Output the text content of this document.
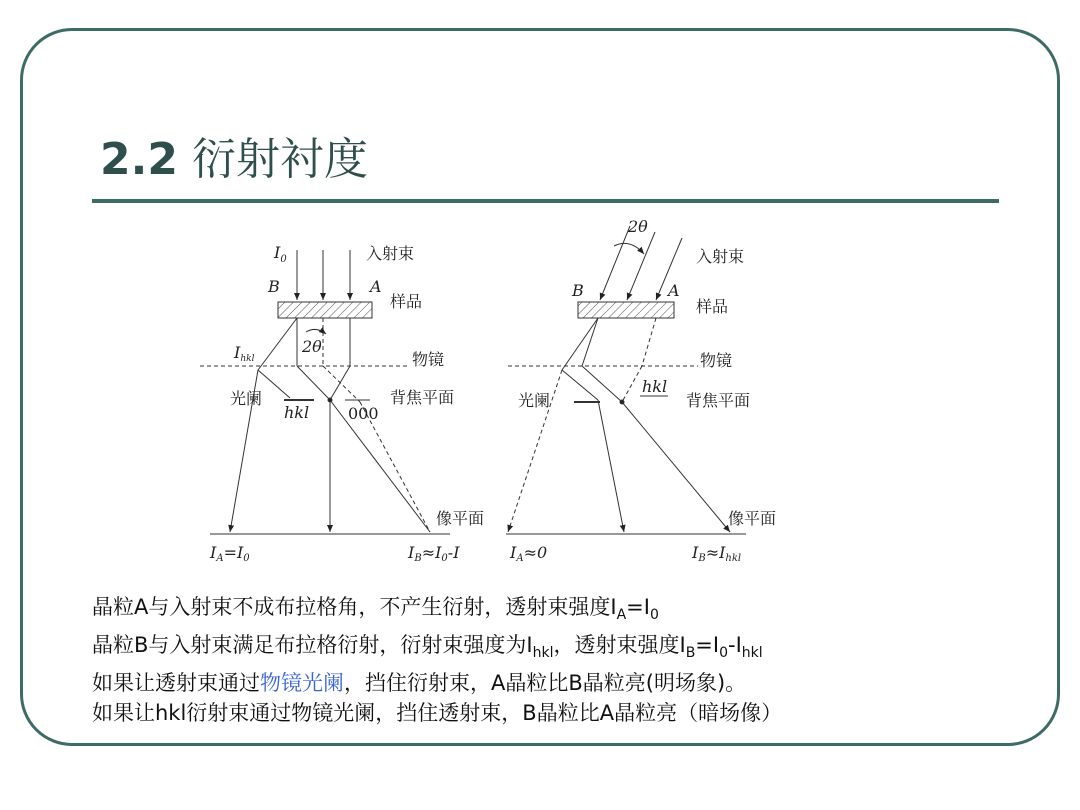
2.2 衍射衬度
$I_0$	入射束
B	A
样品
2θ
Ihkl	物镜
光阑	背焦平面
hkl 000
像平面
IA=I0	IB≈I0-I
2θ
入射束
B	A
样品
物镜
hkl
光阑	背焦平面
像平面
IA≈0	IB≈Ihkl

晶粒A与入射束不成布拉格角，不产生衍射，透射束强度$I_A=I_0$

晶粒B与入射束满足布拉格衍射，衍射束强度为$I_{hkl}$，透射束强度$I_B=I_0-I_{hkl}$

如果让透射束通过物镜光阑，挡住衍射束，A晶粒比B晶粒亮(明场象)。

如果让hkl衍射束通过物镜光阑，挡住透射束，B晶粒比A晶粒亮（暗场像）
